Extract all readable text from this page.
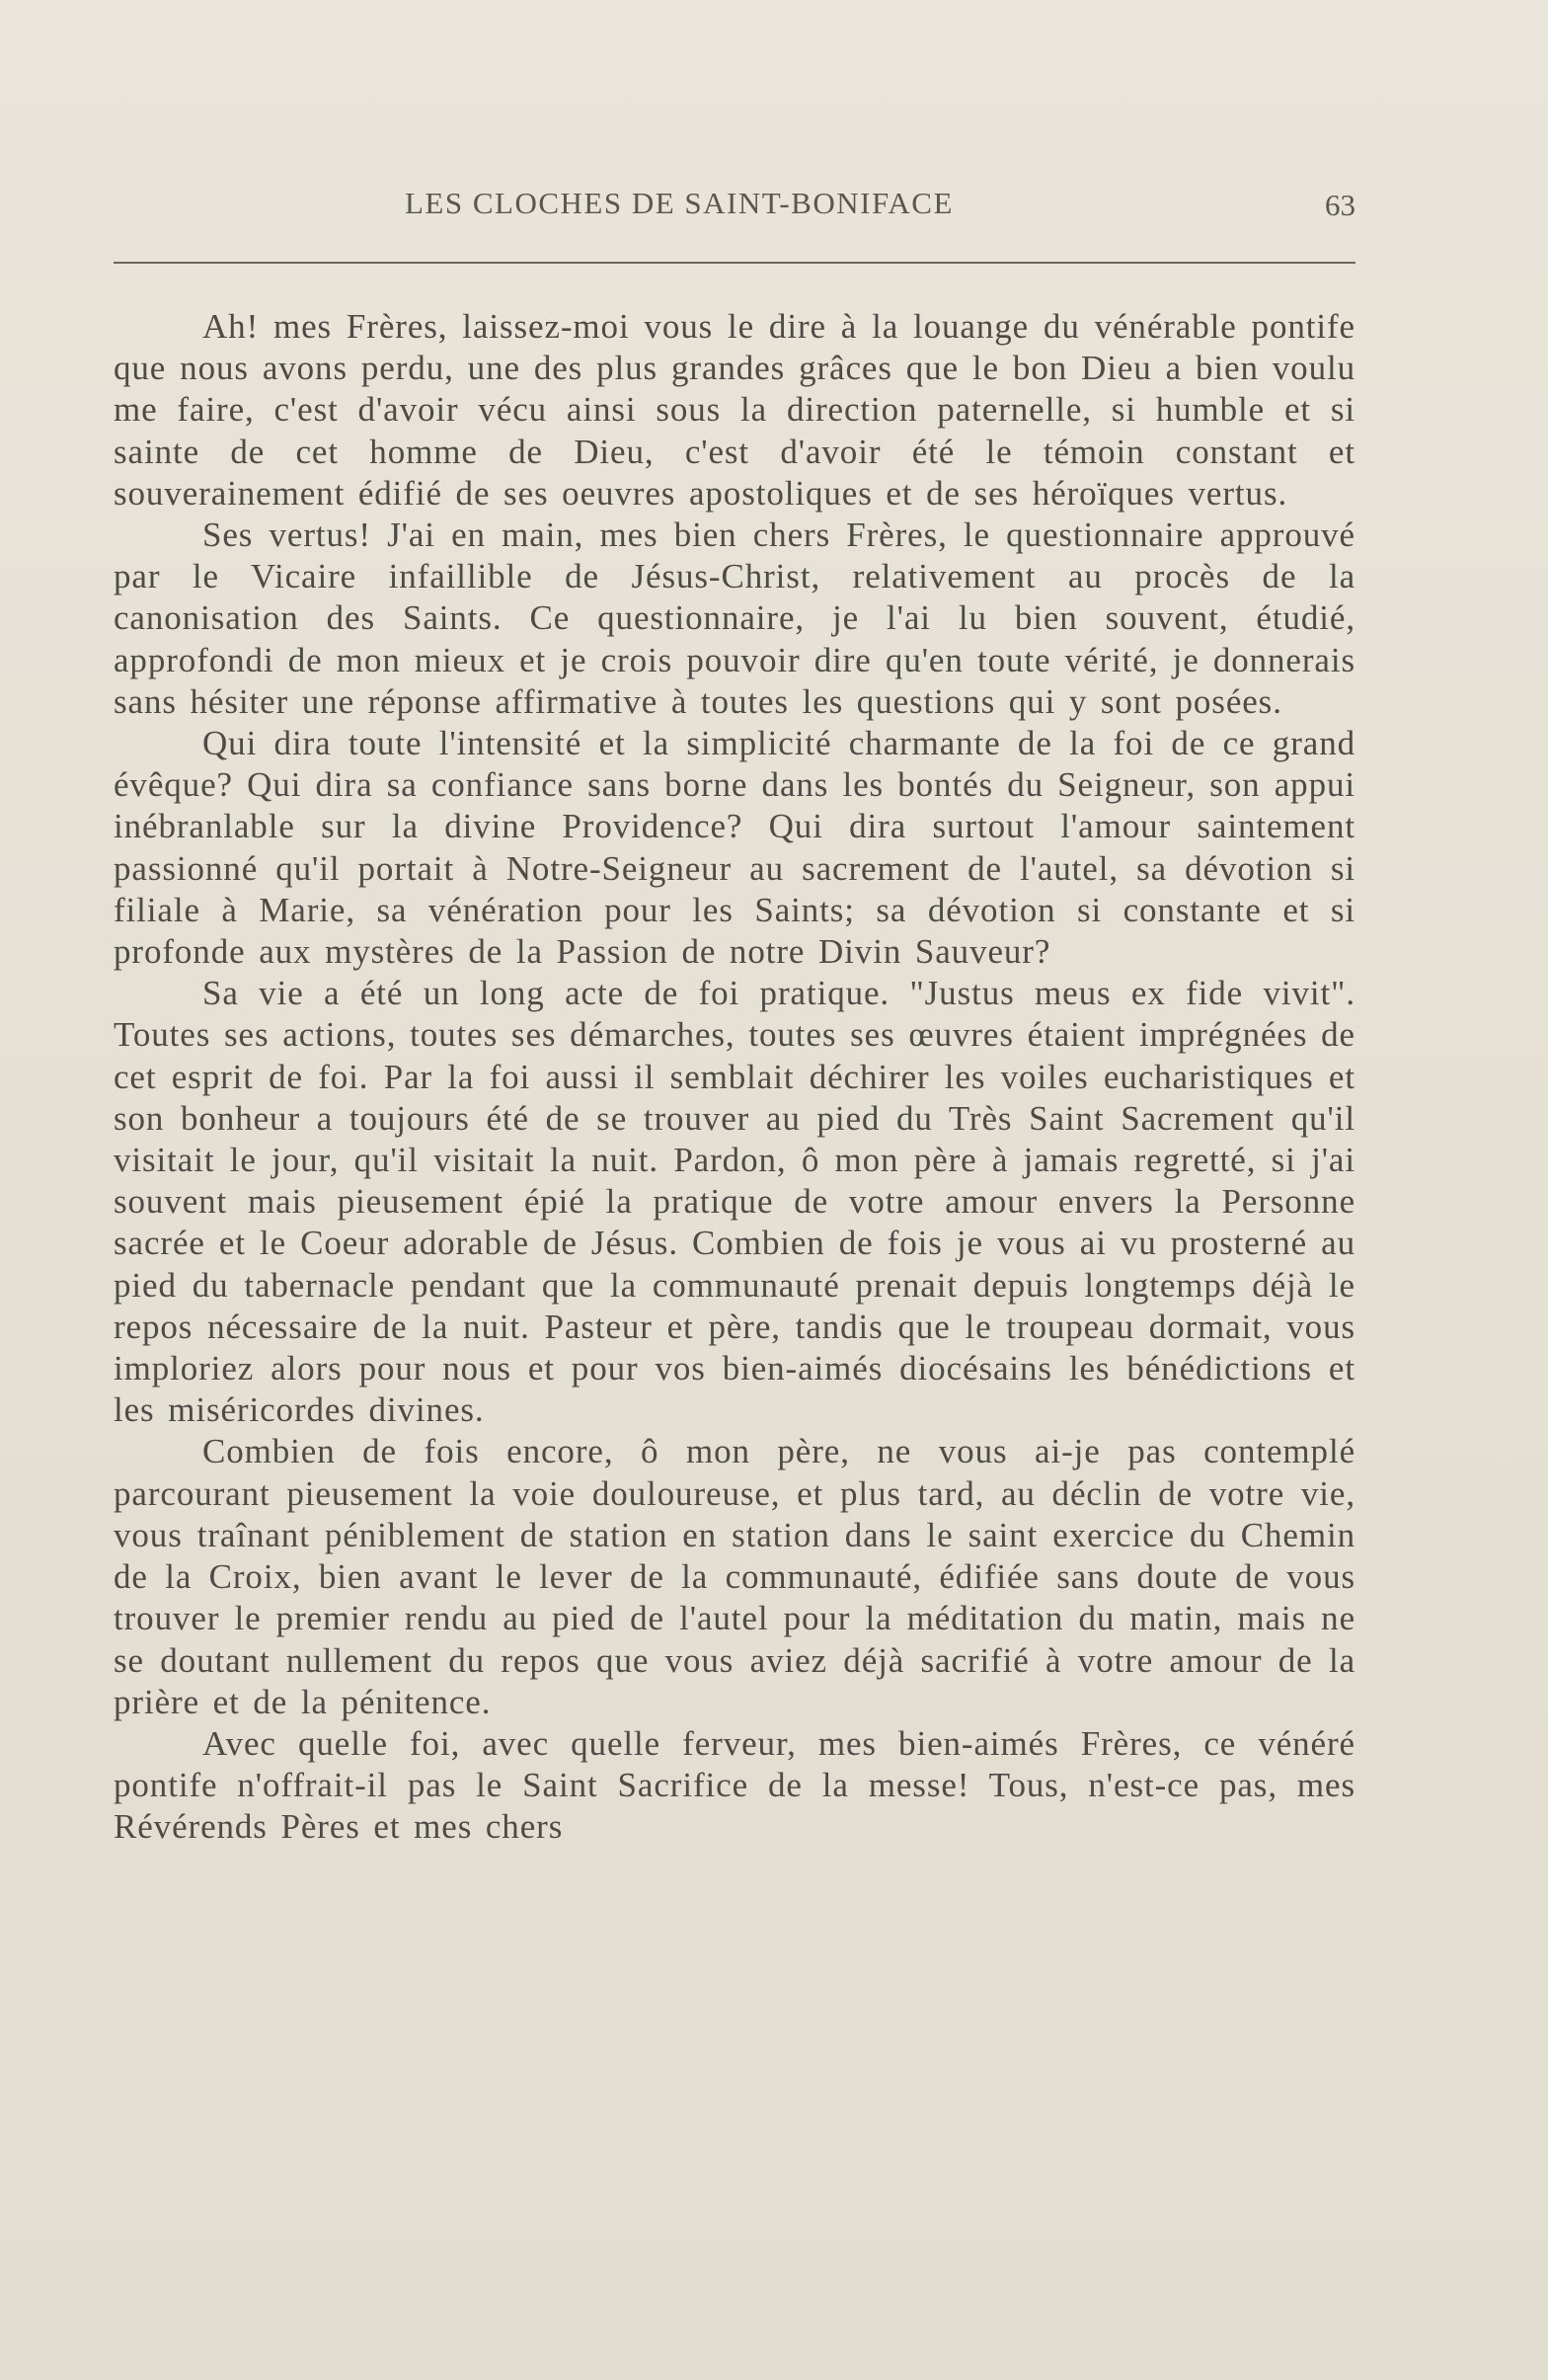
LES CLOCHES DE SAINT-BONIFACE	63

Ah! mes Frères, laissez-moi vous le dire à la louange du vénérable pontife que nous avons perdu, une des plus grandes grâces que le bon Dieu a bien voulu me faire, c'est d'avoir vécu ainsi sous la direction paternelle, si humble et si sainte de cet homme de Dieu, c'est d'avoir été le témoin constant et souverainement édifié de ses oeuvres apostoliques et de ses héroïques vertus.

Ses vertus! J'ai en main, mes bien chers Frères, le questionnaire approuvé par le Vicaire infaillible de Jésus-Christ, relativement au procès de la canonisation des Saints. Ce questionnaire, je l'ai lu bien souvent, étudié, approfondi de mon mieux et je crois pouvoir dire qu'en toute vérité, je donnerais sans hésiter une réponse affirmative à toutes les questions qui y sont posées.

Qui dira toute l'intensité et la simplicité charmante de la foi de ce grand évêque? Qui dira sa confiance sans borne dans les bontés du Seigneur, son appui inébranlable sur la divine Providence? Qui dira surtout l'amour saintement passionné qu'il portait à Notre-Seigneur au sacrement de l'autel, sa dévotion si filiale à Marie, sa vénération pour les Saints; sa dévotion si constante et si profonde aux mystères de la Passion de notre Divin Sauveur?

Sa vie a été un long acte de foi pratique. "Justus meus ex fide vivit". Toutes ses actions, toutes ses démarches, toutes ses œuvres étaient imprégnées de cet esprit de foi. Par la foi aussi il semblait déchirer les voiles eucharistiques et son bonheur a toujours été de se trouver au pied du Très Saint Sacrement qu'il visitait le jour, qu'il visitait la nuit. Pardon, ô mon père à jamais regretté, si j'ai souvent mais pieusement épié la pratique de votre amour envers la Personne sacrée et le Coeur adorable de Jésus. Combien de fois je vous ai vu prosterné au pied du tabernacle pendant que la communauté prenait depuis longtemps déjà le repos nécessaire de la nuit. Pasteur et père, tandis que le troupeau dormait, vous imploriez alors pour nous et pour vos bien-aimés diocésains les bénédictions et les miséricordes divines.

Combien de fois encore, ô mon père, ne vous ai-je pas contemplé parcourant pieusement la voie douloureuse, et plus tard, au déclin de votre vie, vous traînant péniblement de station en station dans le saint exercice du Chemin de la Croix, bien avant le lever de la communauté, édifiée sans doute de vous trouver le premier rendu au pied de l'autel pour la méditation du matin, mais ne se doutant nullement du repos que vous aviez déjà sacrifié à votre amour de la prière et de la pénitence.

Avec quelle foi, avec quelle ferveur, mes bien-aimés Frères, ce vénéré pontife n'offrait-il pas le Saint Sacrifice de la messe! Tous, n'est-ce pas, mes Révérends Pères et mes chers
